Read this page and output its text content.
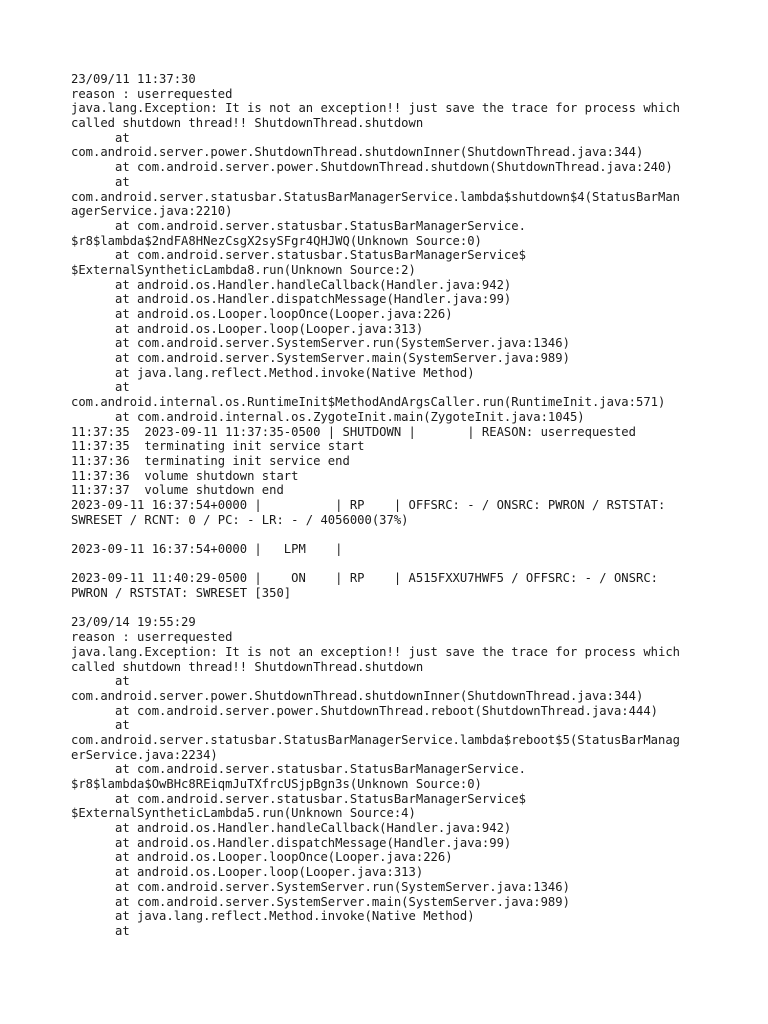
23/09/11 11:37:30
reason : userrequested
java.lang.Exception: It is not an exception!! just save the trace for process which
called shutdown thread!! ShutdownThread.shutdown
at
com.android.server.power.ShutdownThread.shutdownInner(ShutdownThread.java:344)
at com.android.server.power.ShutdownThread.shutdown(ShutdownThread.java:240)
at
com.android.server.statusbar.StatusBarManagerService.lambda$shutdown$4(StatusBarMan
agerService.java:2210)
at com.android.server.statusbar.StatusBarManagerService.
$r8$lambda$2ndFA8HNezCsgX2sySFgr4QHJWQ(Unknown Source:0)
at com.android.server.statusbar.StatusBarManagerService$
$ExternalSyntheticLambda8.run(Unknown Source:2)
at android.os.Handler.handleCallback(Handler.java:942)
at android.os.Handler.dispatchMessage(Handler.java:99)
at android.os.Looper.loopOnce(Looper.java:226)
at android.os.Looper.loop(Looper.java:313)
at com.android.server.SystemServer.run(SystemServer.java:1346)
at com.android.server.SystemServer.main(SystemServer.java:989)
at java.lang.reflect.Method.invoke(Native Method)
at
com.android.internal.os.RuntimeInit$MethodAndArgsCaller.run(RuntimeInit.java:571)
at com.android.internal.os.ZygoteInit.main(ZygoteInit.java:1045)
11:37:35  2023-09-11 11:37:35-0500 | SHUTDOWN |       | REASON: userrequested
11:37:35  terminating init service start
11:37:36  terminating init service end
11:37:36  volume shutdown start
11:37:37  volume shutdown end
2023-09-11 16:37:54+0000 |          | RP    | OFFSRC: - / ONSRC: PWRON / RSTSTAT:
SWRESET / RCNT: 0 / PC: - LR: - / 4056000(37%)
2023-09-11 16:37:54+0000 |   LPM    |
2023-09-11 11:40:29-0500 |    ON    | RP    | A515FXXU7HWF5 / OFFSRC: - / ONSRC:
PWRON / RSTSTAT: SWRESET [350]
23/09/14 19:55:29
reason : userrequested
java.lang.Exception: It is not an exception!! just save the trace for process which
called shutdown thread!! ShutdownThread.shutdown
at
com.android.server.power.ShutdownThread.shutdownInner(ShutdownThread.java:344)
at com.android.server.power.ShutdownThread.reboot(ShutdownThread.java:444)
at
com.android.server.statusbar.StatusBarManagerService.lambda$reboot$5(StatusBarManag
erService.java:2234)
at com.android.server.statusbar.StatusBarManagerService.
$r8$lambda$OwBHc8REiqmJuTXfrcUSjpBgn3s(Unknown Source:0)
at com.android.server.statusbar.StatusBarManagerService$
$ExternalSyntheticLambda5.run(Unknown Source:4)
at android.os.Handler.handleCallback(Handler.java:942)
at android.os.Handler.dispatchMessage(Handler.java:99)
at android.os.Looper.loopOnce(Looper.java:226)
at android.os.Looper.loop(Looper.java:313)
at com.android.server.SystemServer.run(SystemServer.java:1346)
at com.android.server.SystemServer.main(SystemServer.java:989)
at java.lang.reflect.Method.invoke(Native Method)
at
